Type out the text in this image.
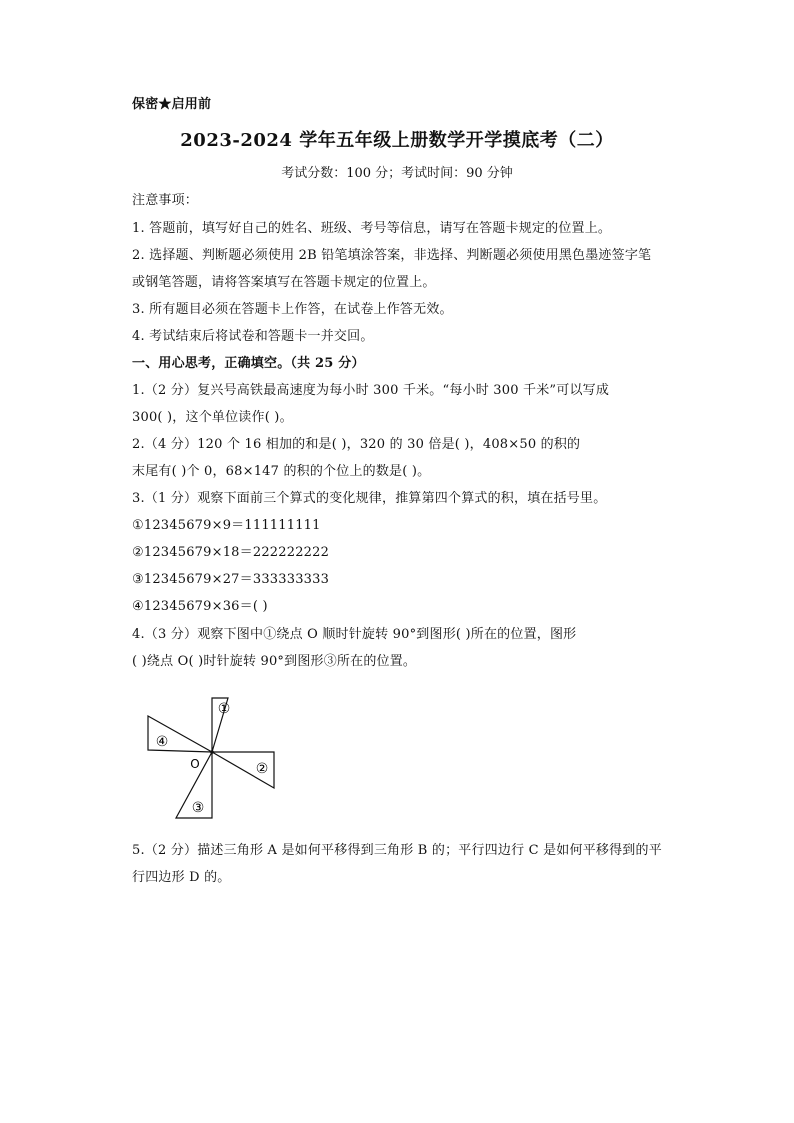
保密★启用前
2023-2024 学年五年级上册数学开学摸底考（二）
考试分数：100 分；考试时间：90 分钟
注意事项：
1. 答题前，填写好自己的姓名、班级、考号等信息，请写在答题卡规定的位置上。
2. 选择题、判断题必须使用 2B 铅笔填涂答案，非选择、判断题必须使用黑色墨迹签字笔
或钢笔答题，请将答案填写在答题卡规定的位置上。
3. 所有题目必须在答题卡上作答，在试卷上作答无效。
4. 考试结束后将试卷和答题卡一并交回。
一、用心思考，正确填空。（共 25 分）
1.（2 分）复兴号高铁最高速度为每小时 300 千米。“每小时 300 千米”可以写成
300( )，这个单位读作( )。
2.（4 分）120 个 16 相加的和是( )，320 的 30 倍是( )，408×50 的积的
末尾有( )个 0，68×147 的积的个位上的数是( )。
3.（1 分）观察下面前三个算式的变化规律，推算第四个算式的积，填在括号里。
①12345679×9＝111111111
②12345679×18＝222222222
③12345679×27＝333333333
④12345679×36＝( )
4.（3 分）观察下图中①绕点 O 顺时针旋转 90°到图形( )所在的位置，图形
( )绕点 O( )时针旋转 90°到图形③所在的位置。
①
②
③
④
O
5.（2 分）描述三角形 A 是如何平移得到三角形 B 的；平行四边行 C 是如何平移得到的平
行四边形 D 的。
